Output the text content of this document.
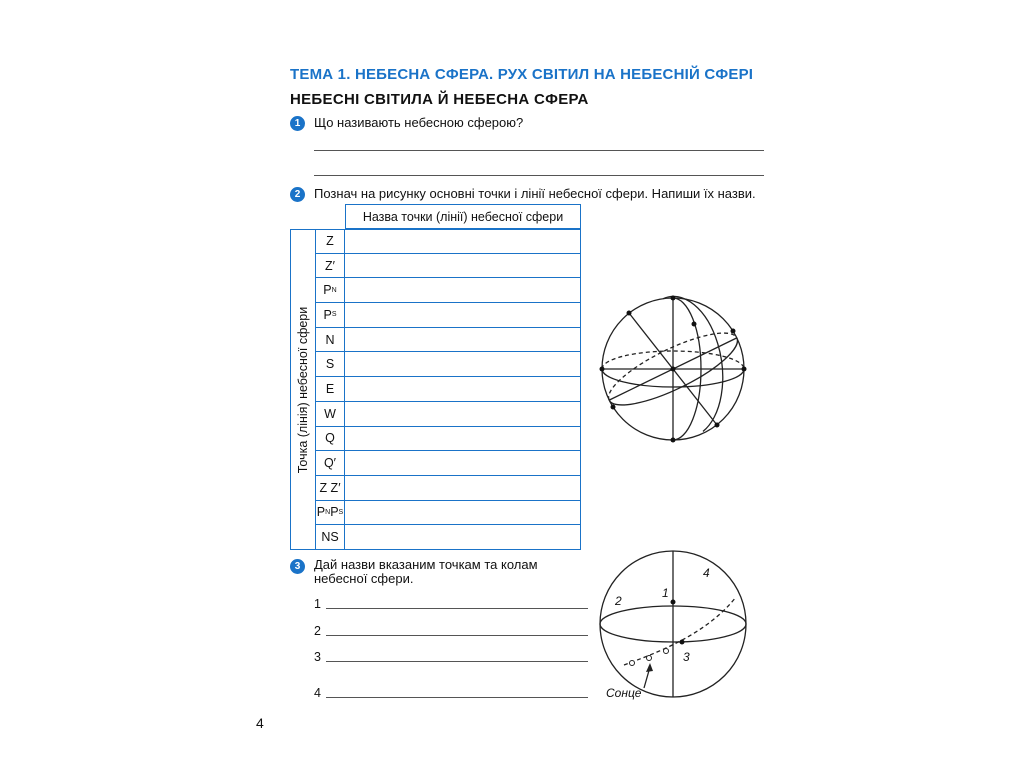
ТЕМА 1. НЕБЕСНА СФЕРА. РУХ СВІТИЛ НА НЕБЕСНІЙ СФЕРІ
НЕБЕСНІ СВІТИЛА Й НЕБЕСНА СФЕРА
1	Що називають небесною сферою?
2	Познач на рисунку основні точки і лінії небесної сфери. Напиши їх назви.
Назва точки (лінії) небесної сфери
Точка (лінія) небесної сфери
Z
Z′
P N
P S
N
S
E
W
Q
Q′
Z Z′
P N P S
NS
3	Дай назви вказаним точкам та колам
небесної сфери.
1
2
3
4
1
2
3
4
Сонце
4
